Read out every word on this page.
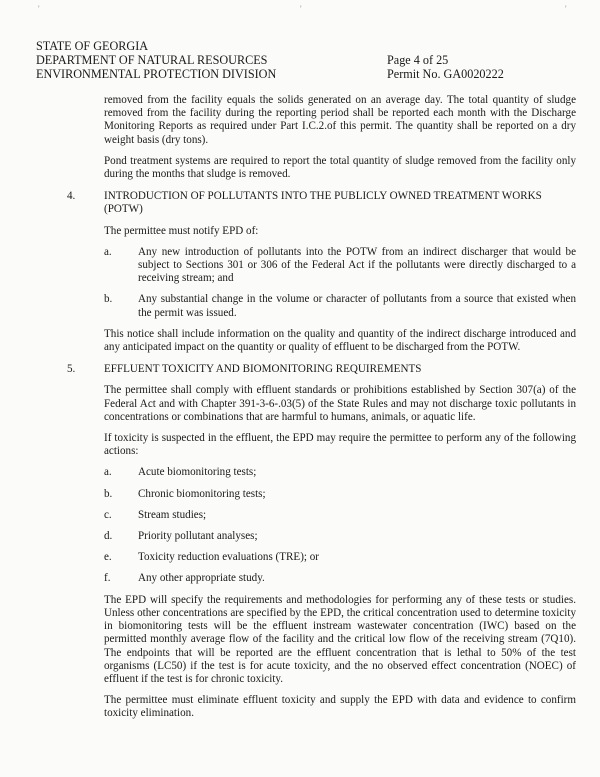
'	'	'
STATE OF GEORGIA
DEPARTMENT OF NATURAL RESOURCES
ENVIRONMENTAL PROTECTION DIVISION
Page 4 of 25
Permit No. GA0020222

removed from the facility equals the solids generated on an average day. The total quantity of sludge removed from the facility during the reporting period shall be reported each month with the Discharge Monitoring Reports as required under Part I.C.2.of this permit. The quantity shall be reported on a dry weight basis (dry tons).

Pond treatment systems are required to report the total quantity of sludge removed from the facility only during the months that sludge is removed.

4.	INTRODUCTION OF POLLUTANTS INTO THE PUBLICLY OWNED TREATMENT WORKS (POTW)

The permittee must notify EPD of:

a. Any new introduction of pollutants into the POTW from an indirect discharger that would be subject to Sections 301 or 306 of the Federal Act if the pollutants were directly discharged to a receiving stream; and

b. Any substantial change in the volume or character of pollutants from a source that existed when the permit was issued.

This notice shall include information on the quality and quantity of the indirect discharge introduced and any anticipated impact on the quantity or quality of effluent to be discharged from the POTW.

5.	EFFLUENT TOXICITY AND BIOMONITORING REQUIREMENTS

The permittee shall comply with effluent standards or prohibitions established by Section 307(a) of the Federal Act and with Chapter 391-3-6-.03(5) of the State Rules and may not discharge toxic pollutants in concentrations or combinations that are harmful to humans, animals, or aquatic life.

If toxicity is suspected in the effluent, the EPD may require the permittee to perform any of the following actions:

a. Acute biomonitoring tests;

b. Chronic biomonitoring tests;

c. Stream studies;

d. Priority pollutant analyses;

e. Toxicity reduction evaluations (TRE); or

f. Any other appropriate study.

The EPD will specify the requirements and methodologies for performing any of these tests or studies. Unless other concentrations are specified by the EPD, the critical concentration used to determine toxicity in biomonitoring tests will be the effluent instream wastewater concentration (IWC) based on the permitted monthly average flow of the facility and the critical low flow of the receiving stream (7Q10). The endpoints that will be reported are the effluent concentration that is lethal to 50% of the test organisms (LC50) if the test is for acute toxicity, and the no observed effect concentration (NOEC) of effluent if the test is for chronic toxicity.

The permittee must eliminate effluent toxicity and supply the EPD with data and evidence to confirm toxicity elimination.
